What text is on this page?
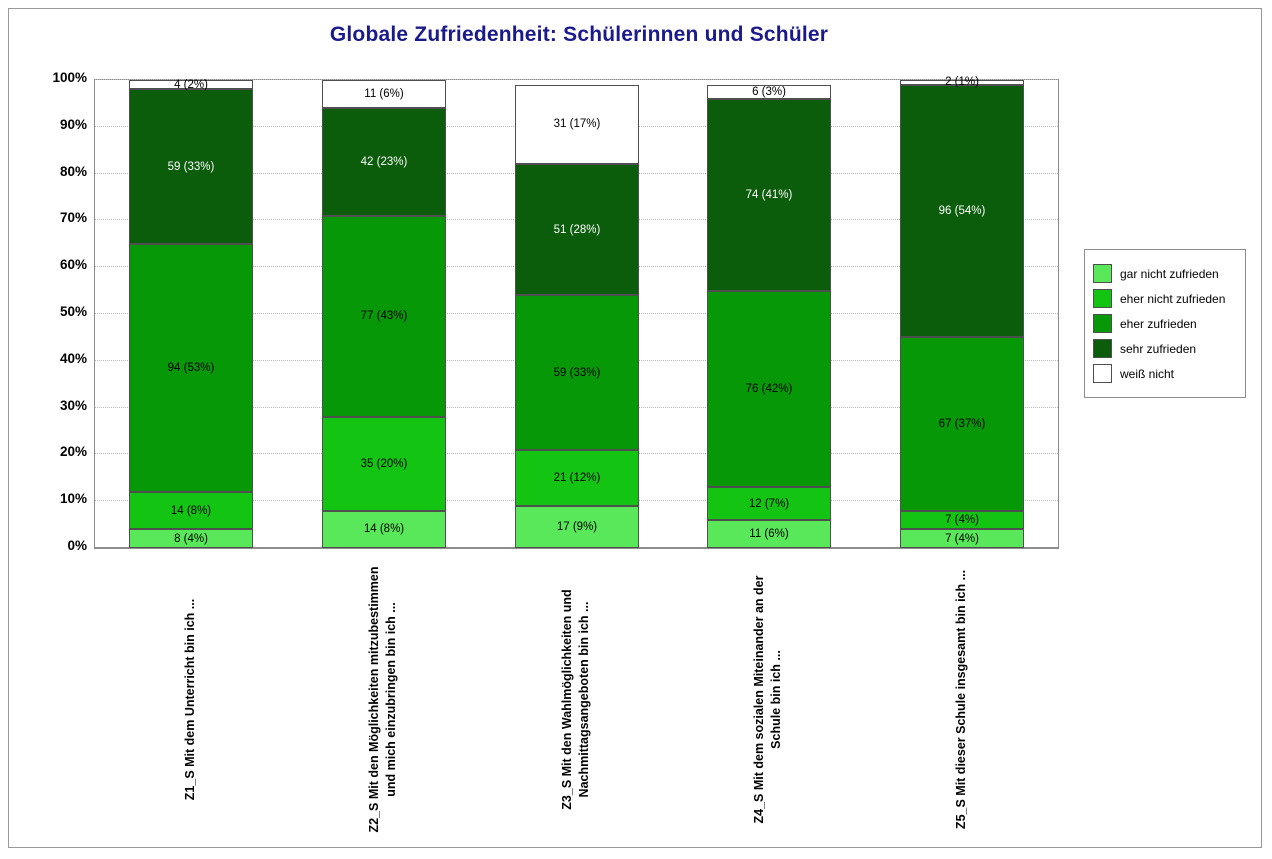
Globale Zufriedenheit: Schülerinnen und Schüler
0%
10%
20%
30%
40%
50%
60%
70%
80%
90%
100%
8 (4%)
14 (8%)
94 (53%)
59 (33%)
4 (2%)
14 (8%)
35 (20%)
77 (43%)
42 (23%)
11 (6%)
17 (9%)
21 (12%)
59 (33%)
51 (28%)
31 (17%)
11 (6%)
12 (7%)
76 (42%)
74 (41%)
6 (3%)
7 (4%)
7 (4%)
67 (37%)
96 (54%)
2 (1%)
Z1_S Mit dem Unterricht bin ich ...	Z2_S Mit den Möglichkeiten mitzubestimmen und mich einzubringen bin ich ...	Z3_S Mit den Wahlmöglichkeiten und Nachmittagsangeboten bin ich ...	Z4_S Mit dem sozialen Miteinander an der Schule bin ich ...	Z5_S Mit dieser Schule insgesamt bin ich ...
gar nicht zufrieden
eher nicht zufrieden
eher zufrieden
sehr zufrieden
weiß nicht
